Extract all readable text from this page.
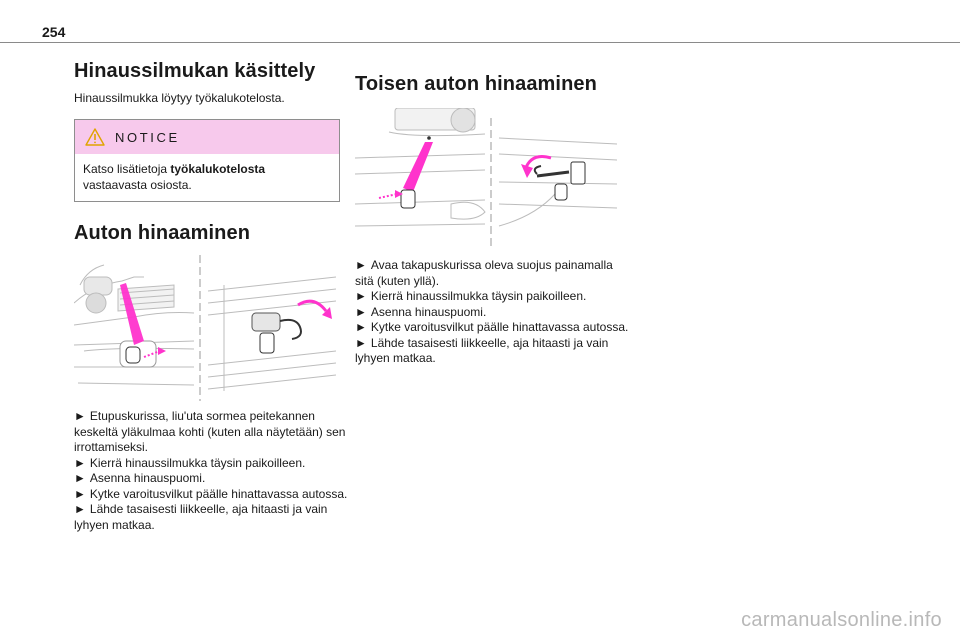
254
Hinaussilmukan käsittely

Hinaussilmukka löytyy työkalukotelosta.

NOTICE
Katso lisätietoja työkalukotelosta vastaavasta osiosta.
Auton hinaaminen
► Etupuskurissa, liu'uta sormea peitekannen keskeltä yläkulmaa kohti (kuten alla näytetään) sen irrottamiseksi.
► Kierrä hinaussilmukka täysin paikoilleen.
► Asenna hinauspuomi.
► Kytke varoitusvilkut päälle hinattavassa autossa.
► Lähde tasaisesti liikkeelle, aja hitaasti ja vain lyhyen matkaa.
Toisen auton hinaaminen
► Avaa takapuskurissa oleva suojus painamalla sitä (kuten yllä).
► Kierrä hinaussilmukka täysin paikoilleen.
► Asenna hinauspuomi.
► Kytke varoitusvilkut päälle hinattavassa autossa.
► Lähde tasaisesti liikkeelle, aja hitaasti ja vain lyhyen matkaa.
carmanualsonline.info
